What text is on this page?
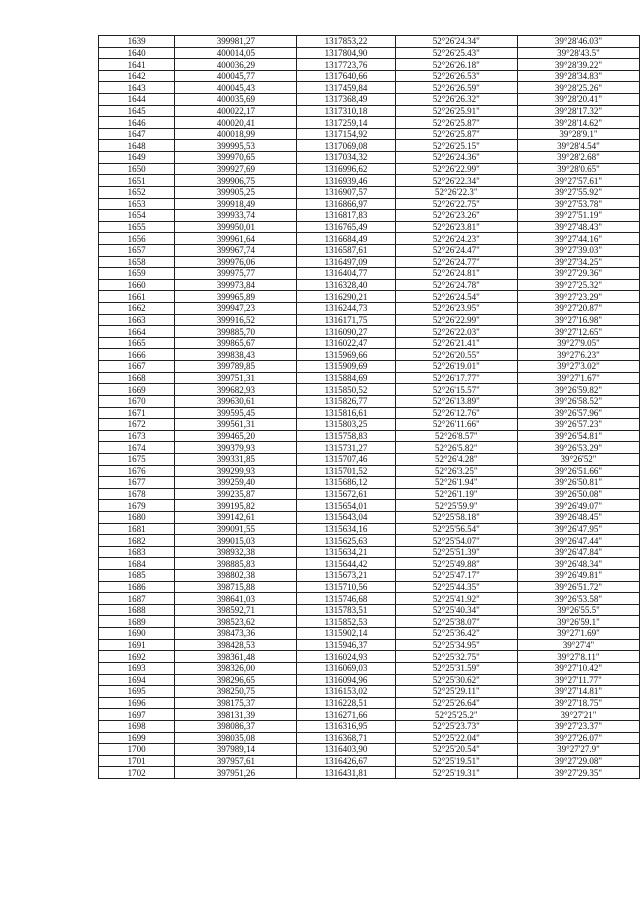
1639	399981,27	1317853,22	52°26'24.34"	39°28'46.03"
1640	400014,05	1317804,90	52°26'25.43"	39°28'43.5"
1641	400036,29	1317723,76	52°26'26.18"	39°28'39.22"
1642	400045,77	1317640,66	52°26'26.53"	39°28'34.83"
1643	400045,43	1317459,84	52°26'26.59"	39°28'25.26"
1644	400035,69	1317368,49	52°26'26.32"	39°28'20.41"
1645	400022,17	1317310,18	52°26'25.91"	39°28'17.32"
1646	400020,41	1317259,14	52°26'25.87"	39°28'14.62"
1647	400018,99	1317154,92	52°26'25.87"	39°28'9.1"
1648	399995,53	1317069,08	52°26'25.15"	39°28'4.54"
1649	399970,65	1317034,32	52°26'24.36"	39°28'2.68"
1650	399927,69	1316996,62	52°26'22.99"	39°28'0.65"
1651	399906,75	1316939,46	52°26'22.34"	39°27'57.61"
1652	399905,25	1316907,57	52°26'22.3"	39°27'55.92"
1653	399918,49	1316866,97	52°26'22.75"	39°27'53.78"
1654	399933,74	1316817,83	52°26'23.26"	39°27'51.19"
1655	399950,01	1316765,49	52°26'23.81"	39°27'48.43"
1656	399961,64	1316684,49	52°26'24.23"	39°27'44.16"
1657	399967,74	1316587,61	52°26'24.47"	39°27'39.03"
1658	399976,06	1316497,09	52°26'24.77"	39°27'34.25"
1659	399975,77	1316404,77	52°26'24.81"	39°27'29.36"
1660	399973,84	1316328,40	52°26'24.78"	39°27'25.32"
1661	399965,89	1316290,21	52°26'24.54"	39°27'23.29"
1662	399947,23	1316244,73	52°26'23.95"	39°27'20.87"
1663	399916,52	1316171,75	52°26'22.99"	39°27'16.98"
1664	399885,70	1316090,27	52°26'22.03"	39°27'12.65"
1665	399865,67	1316022,47	52°26'21.41"	39°27'9.05"
1666	399838,43	1315969,66	52°26'20.55"	39°27'6.23"
1667	399789,85	1315909,69	52°26'19.01"	39°27'3.02"
1668	399751,31	1315884,69	52°26'17.77"	39°27'1.67"
1669	399682,93	1315850,52	52°26'15.57"	39°26'59.82"
1670	399630,61	1315826,77	52°26'13.89"	39°26'58.52"
1671	399595,45	1315816,61	52°26'12.76"	39°26'57.96"
1672	399561,31	1315803,25	52°26'11.66"	39°26'57.23"
1673	399465,20	1315758,83	52°26'8.57"	39°26'54.81"
1674	399379,93	1315731,27	52°26'5.82"	39°26'53.29"
1675	399331,85	1315707,46	52°26'4.28"	39°26'52"
1676	399299,93	1315701,52	52°26'3.25"	39°26'51.66"
1677	399259,40	1315686,12	52°26'1.94"	39°26'50.81"
1678	399235,87	1315672,61	52°26'1.19"	39°26'50.08"
1679	399195,82	1315654,01	52°25'59.9"	39°26'49.07"
1680	399142,61	1315643,04	52°25'58.18"	39°26'48.45"
1681	399091,55	1315634,16	52°25'56.54"	39°26'47.95"
1682	399015,03	1315625,63	52°25'54.07"	39°26'47.44"
1683	398932,38	1315634,21	52°25'51.39"	39°26'47.84"
1684	398885,83	1315644,42	52°25'49.88"	39°26'48.34"
1685	398802,38	1315673,21	52°25'47.17"	39°26'49.81"
1686	398715,88	1315710,56	52°25'44.35"	39°26'51.72"
1687	398641,03	1315746,68	52°25'41.92"	39°26'53.58"
1688	398592,71	1315783,51	52°25'40.34"	39°26'55.5"
1689	398523,62	1315852,53	52°25'38.07"	39°26'59.1"
1690	398473,36	1315902,14	52°25'36.42"	39°27'1.69"
1691	398428,53	1315946,37	52°25'34.95"	39°27'4"
1692	398361,48	1316024,93	52°25'32.75"	39°27'8.11"
1693	398326,00	1316069,03	52°25'31.59"	39°27'10.42"
1694	398296,65	1316094,96	52°25'30.62"	39°27'11.77"
1695	398250,75	1316153,02	52°25'29.11"	39°27'14.81"
1696	398175,37	1316228,51	52°25'26.64"	39°27'18.75"
1697	398131,39	1316271,66	52°25'25.2"	39°27'21"
1698	398086,37	1316316,95	52°25'23.73"	39°27'23.37"
1699	398035,08	1316368,71	52°25'22.04"	39°27'26.07"
1700	397989,14	1316403,90	52°25'20.54"	39°27'27.9"
1701	397957,61	1316426,67	52°25'19.51"	39°27'29.08"
1702	397951,26	1316431,81	52°25'19.31"	39°27'29.35"
